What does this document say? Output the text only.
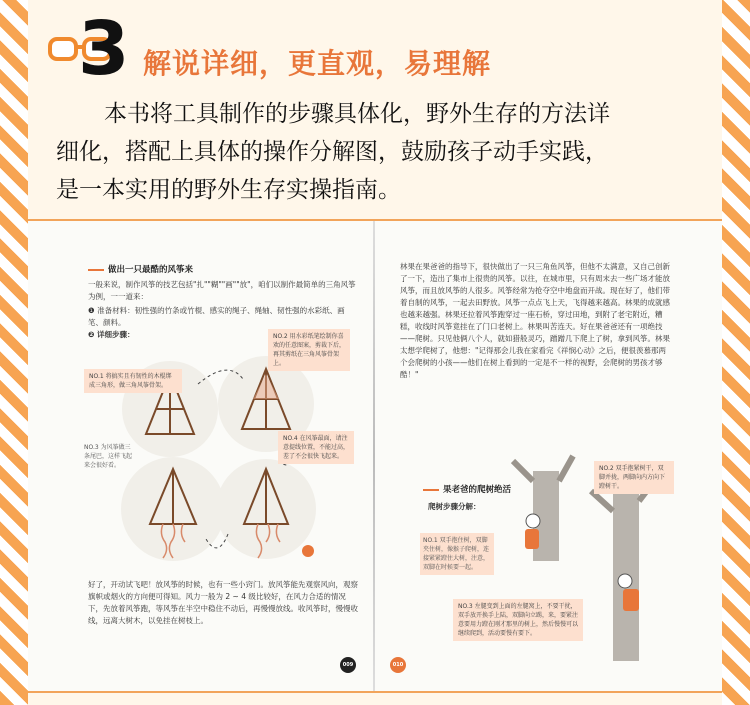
3 解说详细，更直观，易理解
本书将工具制作的步骤具体化，野外生存的方法详
细化，搭配上具体的操作分解图，鼓励孩子动手实践，
是一本实用的野外生存实操指南。
做出一只最酷的风筝来
一般来说，制作风筝的技艺包括"扎""糊""画""放"，咱们以制作最简单的三角风筝为例，一一道来：
❶ 准备材料：韧性强的竹条或竹棍、感实的绳子、绳轴、韧性强的水彩纸、画笔、颜料。
❷ 详细步骤：
NO.1 将搞实且有韧性的木棍绑成三角形，做三角风筝骨架。
NO.2 用水彩纸笔绘制你喜欢的任意图案，剪裁下后，再其剪纸在三角风筝骨架上。
NO.3 为风筝做三条尾巴，这样飞起来会很好看。
NO.4 在风筝最面，请注意提线位置，不能过高，差了不会很快飞起来。
好了，开动试飞吧！放风筝的时候，也有一些小窍门。放风筝能先观察风向，观察旗帜或烟火的方向便可得知。风力一般为 2 ~ 4 级比较好，在风力合适的情况下，先放着风筝跑，等风筝在半空中稳住不动后，再慢慢放线。收风筝时，慢慢收线，远离大树木，以免挂在树枝上。
009
林果在果爸爸的指导下，很快做出了一只三角鱼风筝，但他不太满意，又自己创新了一下，造出了集市上很贵的风筝。以往，在城市里，只有周末去一些广场才能放风筝，而且放风筝的人很多。风筝经常为抢夺空中地盘而开战。现在好了，他们带着自制的风筝，一起去田野放。风筝一点点飞上天，飞得越来越高。林果的成就感也越来越强。林果还拉着风筝跑穿过一座石桥，穿过田地，到附了老宅附近，糟糕，收线时风筝竟挂在了门口老树上。林果叫苦连天。好在果爸爸还有一项绝技——爬树。只见他俩八个人，就如猎般灵巧，蹭蹭几下爬上了树，拿到风筝。林果太想学爬树了，他想："记得那会儿我在家看完《祥悯心动》之后，便很羡慕那两个会爬树的小孩——他们在树上看到的一定是不一样的视野，会爬树的男孩才够酷！"
果老爸的爬树绝活
爬树步骤分解：
NO.2 双手抱紧树干，双脚并拢，两脚向内方向下蹬树干。
NO.1 双手抱住树，双脚夹住树，像猴子爬树，连接紧紧蹬住大树，注意，双脚在时候要一起。
NO.3 左腿变到上面的左腿窝上，不要干扰，双手放开换手上陆，双脚向立踢，来，要紧注意要用力蹬在刚才那里的树上，然后慢慢可以继续爬到，活动要慢有要下。
010
